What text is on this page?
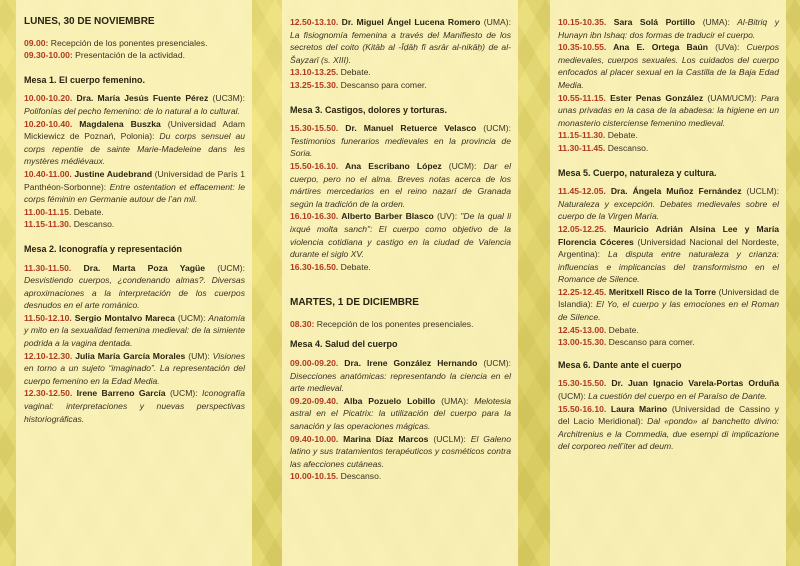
LUNES, 30 DE NOVIEMBRE
09.00: Recepción de los ponentes presenciales.
09.30-10.00: Presentación de la actividad.
Mesa 1. El cuerpo femenino.
10.00-10.20. Dra. María Jesús Fuente Pérez (UC3M): Polifonías del pecho femenino: de lo natural a lo cultural.
10.20-10.40. Magdalena Buszka (Universidad Adam Mickiewicz de Poznań, Polonia): Du corps sensuel au corps repentie de sainte Marie-Madeleine dans les mystères médiévaux.
10.40-11.00. Justine Audebrand (Universidad de París 1 Panthéon-Sorbonne): Entre ostentation et effacement: le corps féminin en Germanie autour de l’an mil.
11.00-11.15. Debate.
11.15-11.30. Descanso.
Mesa 2. Iconografía y representación
11.30-11.50. Dra. Marta Poza Yagüe (UCM): Desvistiendo cuerpos, ¿condenando almas?. Diversas aproximaciones a la interpretación de los cuerpos desnudos en el arte románico.
11.50-12.10. Sergio Montalvo Mareca (UCM): Anatomía y mito en la sexualidad femenina medieval: de la simiente podrida a la vagina dentada.
12.10-12.30. Julia María García Morales (UM): Visiones en torno a un sujeto “imaginado”. La representación del cuerpo femenino en la Edad Media.
12.30-12.50. Irene Barreno García (UCM): Iconografía vaginal: interpretaciones y nuevas perspectivas historiográficas.
12.50-13.10. Dr. Miguel Ángel Lucena Romero (UMA): La fisiognomía femenina a través del Manifiesto de los secretos del coito (Kitāb al -Īḍāḥ fī asrār al-nikāḥ) de al-Šayzarī (s. XIII).
13.10-13.25. Debate.
13.25-15.30. Descanso para comer.
Mesa 3. Castigos, dolores y torturas.
15.30-15.50. Dr. Manuel Retuerce Velasco (UCM): Testimonios funerarios medievales en la provincia de Soria.
15.50-16.10. Ana Escribano López (UCM): Dar el cuerpo, pero no el alma. Breves notas acerca de los mártires mercedarios en el reino nazarí de Granada según la tradición de la orden.
16.10-16.30. Alberto Barber Blasco (UV): "De la qual li ixqué molta sanch": El cuerpo como objetivo de la violencia cotidiana y castigo en la ciudad de Valencia durante el siglo XV.
16.30-16.50. Debate.
MARTES, 1 DE DICIEMBRE
08.30: Recepción de los ponentes presenciales.
Mesa 4. Salud del cuerpo
09.00-09.20. Dra. Irene González Hernando (UCM): Disecciones anatómicas: representando la ciencia en el arte medieval.
09.20-09.40. Alba Pozuelo Lobillo (UMA): Melotesia astral en el Picatrix: la utilización del cuerpo para la sanación y las operaciones mágicas.
09.40-10.00. Marina Díaz Marcos (UCLM): El Galeno latino y sus tratamientos terapéuticos y cosméticos contra las afecciones cutáneas.
10.00-10.15. Descanso.
10.15-10.35. Sara Solá Portillo (UMA): Al-Bitriq y Hunayn ibn Ishaq: dos formas de traducir el cuerpo.
10.35-10.55. Ana E. Ortega Baún (UVa): Cuerpos medievales, cuerpos sexuales. Los cuidados del cuerpo enfocados al placer sexual en la Castilla de la Baja Edad Media.
10.55-11.15. Ester Penas González (UAM/UCM): Para unas privadas en la casa de la abadesa: la higiene en un monasterio cisterciense femenino medieval.
11.15-11.30. Debate.
11.30-11.45. Descanso.
Mesa 5. Cuerpo, naturaleza y cultura.
11.45-12.05. Dra. Ángela Muñoz Fernández (UCLM): Naturaleza y excepción. Debates medievales sobre el cuerpo de la Virgen María.
12.05-12.25. Mauricio Adrián Alsina Lee y María Florencia Cóceres (Universidad Nacional del Nordeste, Argentina): La disputa entre naturaleza y crianza: influencias e implicancias del transformismo en el Romance de Silence.
12.25-12.45. Meritxell Risco de la Torre (Universidad de Islandia): El Yo, el cuerpo y las emociones en el Roman de Silence.
12.45-13.00. Debate.
13.00-15.30. Descanso para comer.
Mesa 6. Dante ante el cuerpo
15.30-15.50. Dr. Juan Ignacio Varela-Portas Orduña (UCM): La cuestión del cuerpo en el Paraíso de Dante.
15.50-16.10. Laura Marino (Universidad de Cassino y del Lacio Meridional): Dal «pondo» al banchetto divino: Architrenius e la Commedia, due esempi di implicazione del corporeo nell’iter ad deum.
